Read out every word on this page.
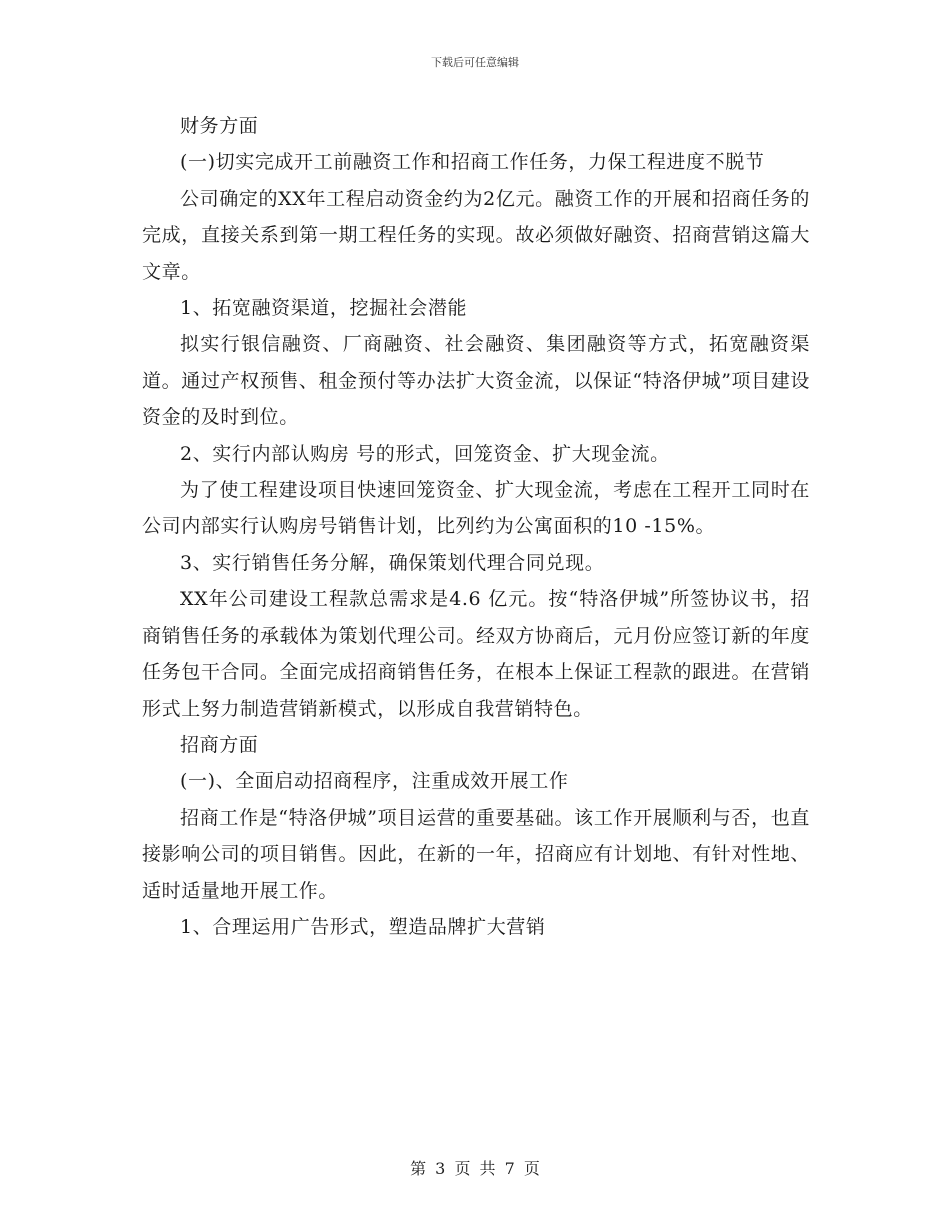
下载后可任意编辑

财务方面

(一)切实完成开工前融资工作和招商工作任务，力保工程进度不脱节

公司确定的XX年工程启动资金约为2亿元。融资工作的开展和招商任务的完成，直接关系到第一期工程任务的实现。故必须做好融资、招商营销这篇大文章。

1、拓宽融资渠道，挖掘社会潜能

拟实行银信融资、厂商融资、社会融资、集团融资等方式，拓宽融资渠道。通过产权预售、租金预付等办法扩大资金流，以保证“特洛伊城”项目建设资金的及时到位。

2、实行内部认购房 号的形式，回笼资金、扩大现金流。

为了使工程建设项目快速回笼资金、扩大现金流，考虑在工程开工同时在公司内部实行认购房号销售计划，比列约为公寓面积的10 -15%。

3、实行销售任务分解，确保策划代理合同兑现。

XX年公司建设工程款总需求是4.6 亿元。按“特洛伊城”所签协议书，招商销售任务的承载体为策划代理公司。经双方协商后，元月份应签订新的年度任务包干合同。全面完成招商销售任务，在根本上保证工程款的跟进。在营销形式上努力制造营销新模式，以形成自我营销特色。

招商方面

(一)、全面启动招商程序，注重成效开展工作

招商工作是“特洛伊城”项目运营的重要基础。该工作开展顺利与否，也直接影响公司的项目销售。因此，在新的一年，招商应有计划地、有针对性地、适时适量地开展工作。

1、合理运用广告形式，塑造品牌扩大营销

第 3 页 共 7 页
